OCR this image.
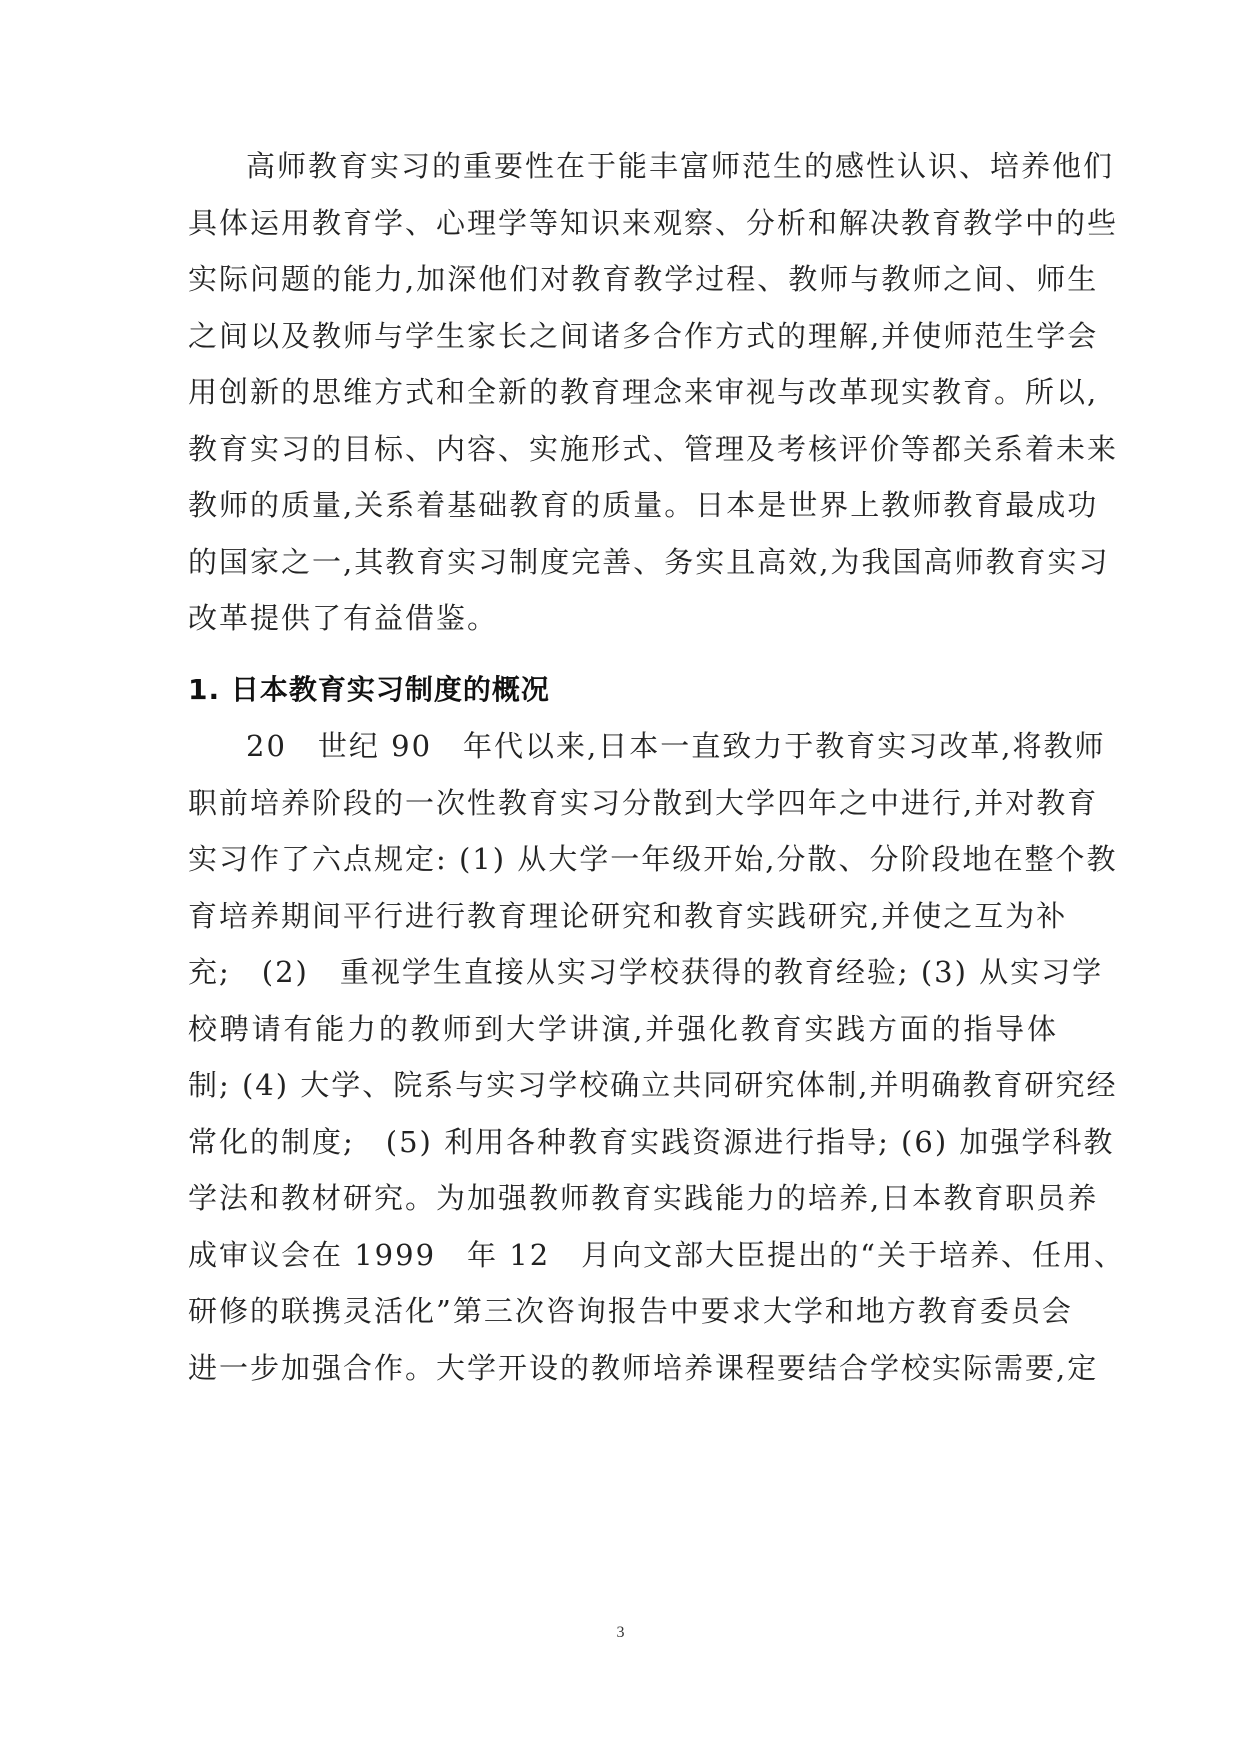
高师教育实习的重要性在于能丰富师范生的感性认识、培养他们
具体运用教育学、心理学等知识来观察、分析和解决教育教学中的些
实际问题的能力,加深他们对教育教学过程、教师与教师之间、师生
之间以及教师与学生家长之间诸多合作方式的理解,并使师范生学会
用创新的思维方式和全新的教育理念来审视与改革现实教育。所以,
教育实习的目标、内容、实施形式、管理及考核评价等都关系着未来
教师的质量,关系着基础教育的质量。日本是世界上教师教育最成功
的国家之一,其教育实习制度完善、务实且高效,为我国高师教育实习
改革提供了有益借鉴。
1. 日本教育实习制度的概况
20　世纪 90　年代以来,日本一直致力于教育实习改革,将教师
职前培养阶段的一次性教育实习分散到大学四年之中进行,并对教育
实习作了六点规定: (1) 从大学一年级开始,分散、分阶段地在整个教
育培养期间平行进行教育理论研究和教育实践研究,并使之互为补
充;　(2)　重视学生直接从实习学校获得的教育经验; (3) 从实习学
校聘请有能力的教师到大学讲演,并强化教育实践方面的指导体
制; (4) 大学、院系与实习学校确立共同研究体制,并明确教育研究经
常化的制度;　(5) 利用各种教育实践资源进行指导; (6) 加强学科教
学法和教材研究。为加强教师教育实践能力的培养,日本教育职员养
成审议会在 1999　年 12　月向文部大臣提出的“关于培养、任用、
研修的联携灵活化”第三次咨询报告中要求大学和地方教育委员会
进一步加强合作。大学开设的教师培养课程要结合学校实际需要,定
3
